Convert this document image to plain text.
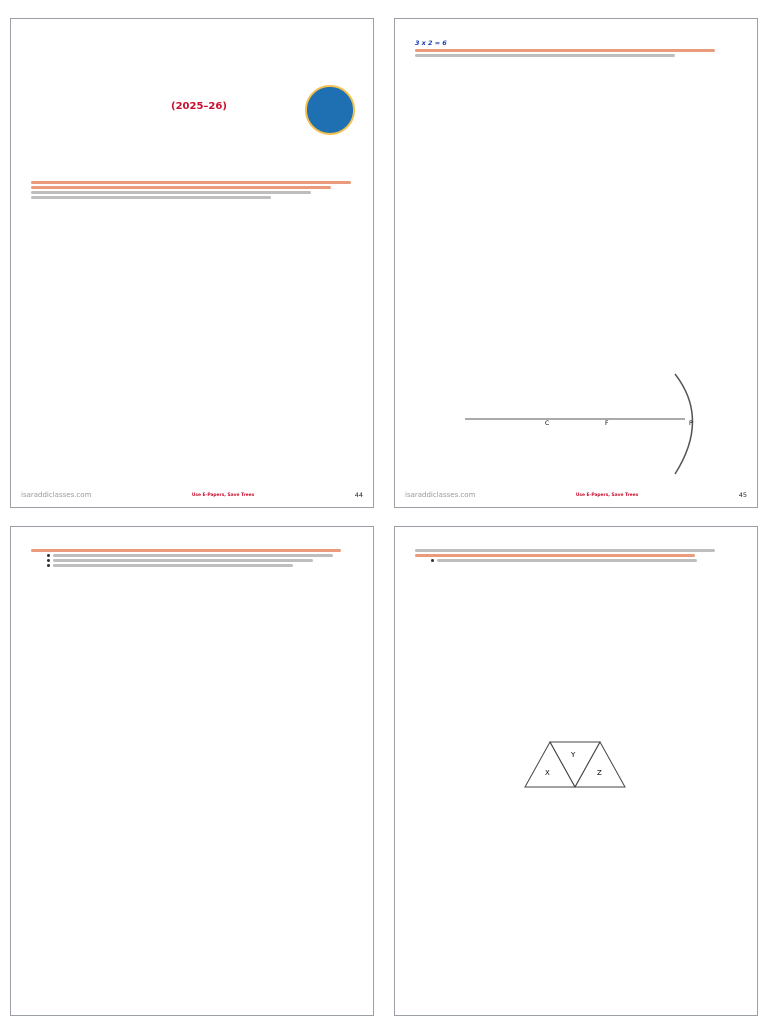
(2025–26)
isaraddiclasses.com	Use E-Papers, Save Trees	44
3 x 2 = 6
C	F	P
isaraddiclasses.com	Use E-Papers, Save Trees	45
X
Y
Z
